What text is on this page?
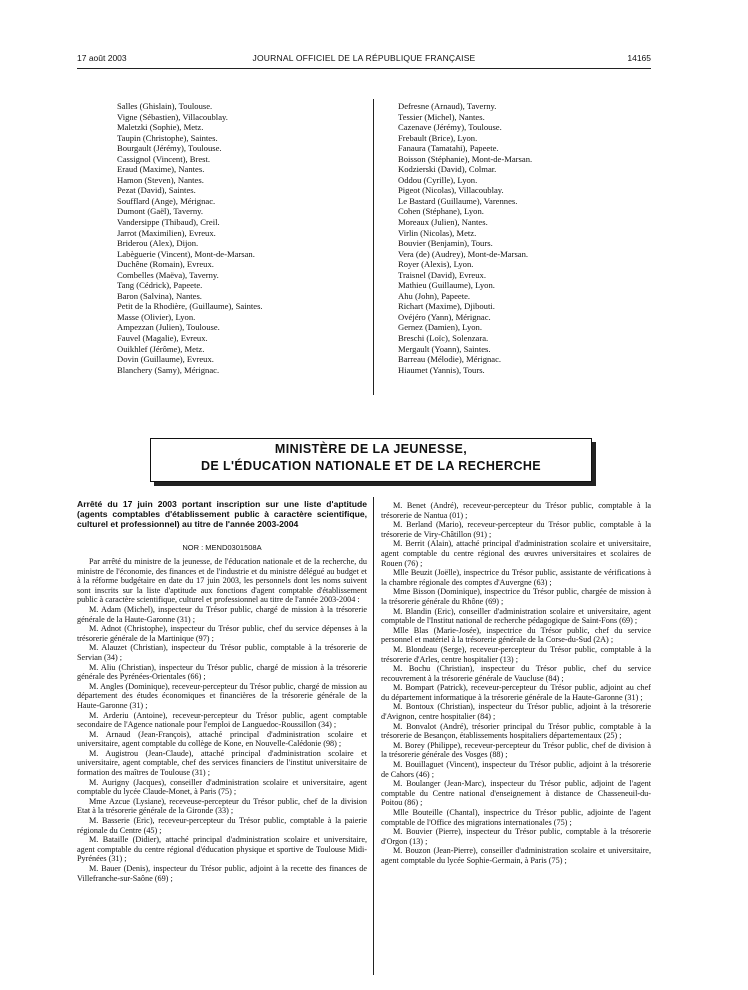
17 août 2003	JOURNAL OFFICIEL DE LA RÉPUBLIQUE FRANÇAISE	14165
Salles (Ghislain), Toulouse.
Vigne (Sébastien), Villacoublay.
Maletzki (Sophie), Metz.
Taupin (Christophe), Saintes.
Bourgault (Jérémy), Toulouse.
Cassignol (Vincent), Brest.
Eraud (Maxime), Nantes.
Hamon (Steven), Nantes.
Pezat (David), Saintes.
Soufflard (Ange), Mérignac.
Dumont (Gaël), Taverny.
Vandersippe (Thibaud), Creil.
Jarrot (Maximilien), Evreux.
Briderou (Alex), Dijon.
Labèguerie (Vincent), Mont-de-Marsan.
Duchêne (Romain), Evreux.
Combelles (Maëva), Taverny.
Tang (Cédrick), Papeete.
Baron (Salvina), Nantes.
Petit de la Rhodière, (Guillaume), Saintes.
Masse (Olivier), Lyon.
Ampezzan (Julien), Toulouse.
Fauvel (Magalie), Evreux.
Ouikhlef (Jérôme), Metz.
Dovin (Guillaume), Evreux.
Blanchery (Samy), Mérignac.
Defresne (Arnaud), Taverny.
Tessier (Michel), Nantes.
Cazenave (Jérémy), Toulouse.
Frebault (Brice), Lyon.
Fanaura (Tamatahi), Papeete.
Boisson (Stéphanie), Mont-de-Marsan.
Kodzierski (David), Colmar.
Oddou (Cyrille), Lyon.
Pigeot (Nicolas), Villacoublay.
Le Bastard (Guillaume), Varennes.
Cohen (Stéphane), Lyon.
Moreaux (Julien), Nantes.
Virlin (Nicolas), Metz.
Bouvier (Benjamin), Tours.
Vera (de) (Audrey), Mont-de-Marsan.
Royer (Alexis), Lyon.
Traisnel (David), Evreux.
Mathieu (Guillaume), Lyon.
Ahu (John), Papeete.
Richart (Maxime), Djibouti.
Ovéjéro (Yann), Mérignac.
Gernez (Damien), Lyon.
Breschi (Loïc), Solenzara.
Mergault (Yoann), Saintes.
Barreau (Mélodie), Mérignac.
Hiaumet (Yannis), Tours.
MINISTÈRE DE LA JEUNESSE,
DE L'ÉDUCATION NATIONALE ET DE LA RECHERCHE
Arrêté du 17 juin 2003 portant inscription sur une liste d'aptitude (agents comptables d'établissement public à caractère scientifique, culturel et professionnel) au titre de l'année 2003-2004
NOR : MEND0301508A

Par arrêté du ministre de la jeunesse, de l'éducation nationale et de la recherche, du ministre de l'économie, des finances et de l'industrie et du ministre délégué au budget et à la réforme budgétaire en date du 17 juin 2003, les personnels dont les noms suivent sont inscrits sur la liste d'aptitude aux fonctions d'agent comptable d'établissement public à caractère scientifique, culturel et professionnel au titre de l'année 2003-2004 :

M. Adam (Michel), inspecteur du Trésor public, chargé de mission à la trésorerie générale de la Haute-Garonne (31) ;

M. Adnot (Christophe), inspecteur du Trésor public, chef du service dépenses à la trésorerie générale de la Martinique (97) ;

M. Alauzet (Christian), inspecteur du Trésor public, comptable à la trésorerie de Servian (34) ;

M. Aliu (Christian), inspecteur du Trésor public, chargé de mission à la trésorerie générale des Pyrénées-Orientales (66) ;

M. Angles (Dominique), receveur-percepteur du Trésor public, chargé de mission au département des études économiques et financières de la trésorerie générale de la Haute-Garonne (31) ;

M. Arderiu (Antoine), receveur-percepteur du Trésor public, agent comptable secondaire de l'Agence nationale pour l'emploi de Languedoc-Roussillon (34) ;

M. Arnaud (Jean-François), attaché principal d'administration scolaire et universitaire, agent comptable du collège de Kone, en Nouvelle-Calédonie (98) ;

M. Augistrou (Jean-Claude), attaché principal d'administration scolaire et universitaire, agent comptable, chef des services financiers de l'institut universitaire de formation des maîtres de Toulouse (31) ;

M. Aurigny (Jacques), conseiller d'administration scolaire et universitaire, agent comptable du lycée Claude-Monet, à Paris (75) ;

Mme Azcue (Lysiane), receveuse-percepteur du Trésor public, chef de la division Etat à la trésorerie générale de la Gironde (33) ;

M. Basserie (Eric), receveur-percepteur du Trésor public, comptable à la paierie régionale du Centre (45) ;

M. Bataille (Didier), attaché principal d'administration scolaire et universitaire, agent comptable du centre régional d'éducation physique et sportive de Toulouse Midi-Pyrénées (31) ;

M. Bauer (Denis), inspecteur du Trésor public, adjoint à la recette des finances de Villefranche-sur-Saône (69) ;

M. Benet (André), receveur-percepteur du Trésor public, comptable à la trésorerie de Nantua (01) ;

M. Berland (Mario), receveur-percepteur du Trésor public, comptable à la trésorerie de Viry-Châtillon (91) ;

M. Berrit (Alain), attaché principal d'administration scolaire et universitaire, agent comptable du centre régional des œuvres universitaires et scolaires de Rouen (76) ;

Mlle Beuzit (Joëlle), inspectrice du Trésor public, assistante de vérifications à la chambre régionale des comptes d'Auvergne (63) ;

Mme Bisson (Dominique), inspectrice du Trésor public, chargée de mission à la trésorerie générale du Rhône (69) ;

M. Blandin (Eric), conseiller d'administration scolaire et universitaire, agent comptable de l'Institut national de recherche pédagogique de Saint-Fons (69) ;

Mlle Blas (Marie-Josée), inspectrice du Trésor public, chef du service personnel et matériel à la trésorerie générale de la Corse-du-Sud (2A) ;

M. Blondeau (Serge), receveur-percepteur du Trésor public, comptable à la trésorerie d'Arles, centre hospitalier (13) ;

M. Bochu (Christian), inspecteur du Trésor public, chef du service recouvrement à la trésorerie générale de Vaucluse (84) ;

M. Bompart (Patrick), receveur-percepteur du Trésor public, adjoint au chef du département informatique à la trésorerie générale de la Haute-Garonne (31) ;

M. Bontoux (Christian), inspecteur du Trésor public, adjoint à la trésorerie d'Avignon, centre hospitalier (84) ;

M. Bonvalot (André), trésorier principal du Trésor public, comptable à la trésorerie de Besançon, établissements hospitaliers départementaux (25) ;

M. Borey (Philippe), receveur-percepteur du Trésor public, chef de division à la trésorerie générale des Vosges (88) ;

M. Bouillaguet (Vincent), inspecteur du Trésor public, adjoint à la trésorerie de Cahors (46) ;

M. Boulanger (Jean-Marc), inspecteur du Trésor public, adjoint de l'agent comptable du Centre national d'enseignement à distance de Chasseneuil-du-Poitou (86) ;

Mlle Bouteille (Chantal), inspectrice du Trésor public, adjointe de l'agent comptable de l'Office des migrations internationales (75) ;

M. Bouvier (Pierre), inspecteur du Trésor public, comptable à la trésorerie d'Orgon (13) ;

M. Bouzon (Jean-Pierre), conseiller d'administration scolaire et universitaire, agent comptable du lycée Sophie-Germain, à Paris (75) ;
